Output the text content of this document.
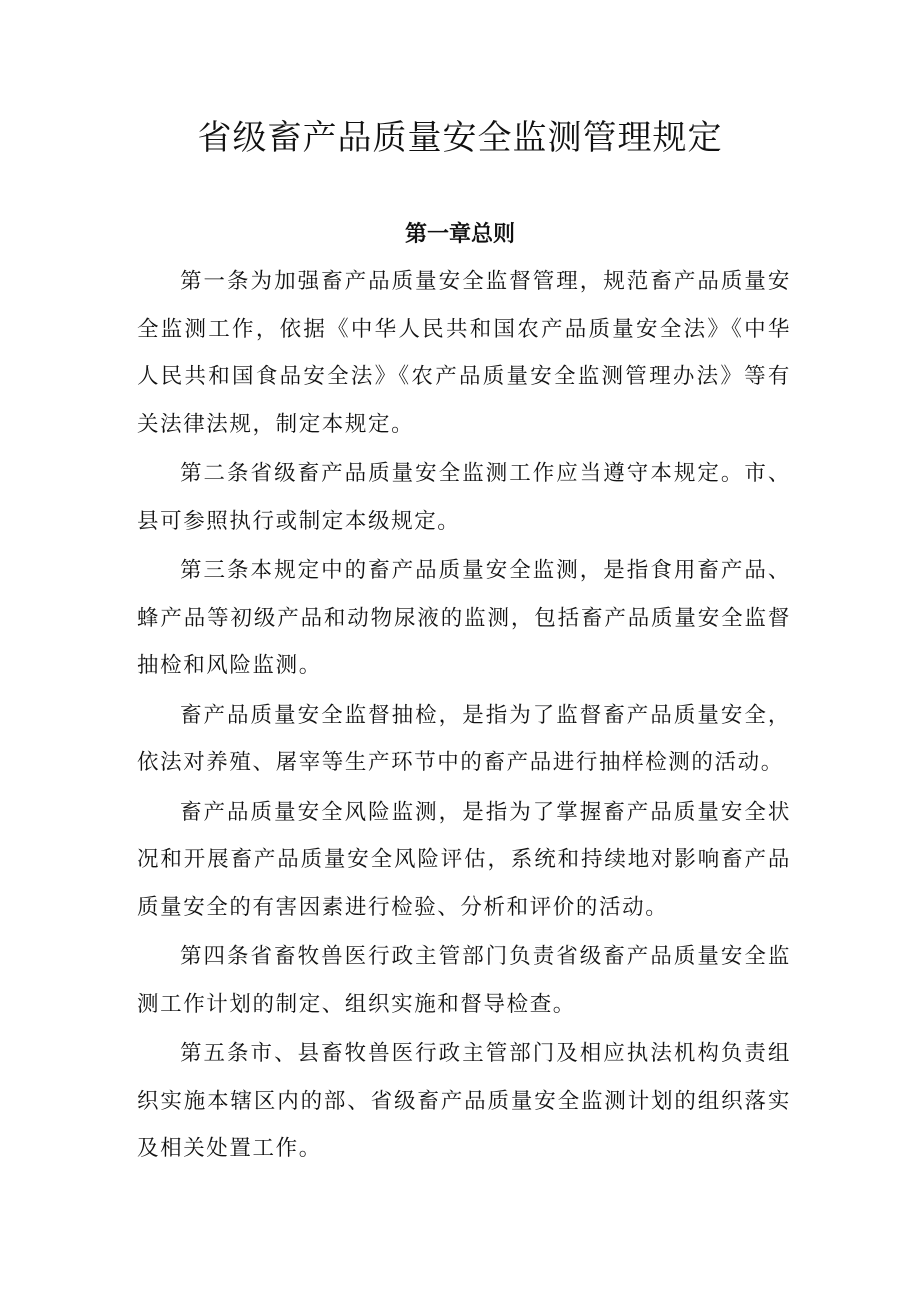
省级畜产品质量安全监测管理规定
第一章总则

第一条为加强畜产品质量安全监督管理，规范畜产品质量安全监测工作，依据《中华人民共和国农产品质量安全法》《中华人民共和国食品安全法》《农产品质量安全监测管理办法》等有关法律法规，制定本规定。

第二条省级畜产品质量安全监测工作应当遵守本规定。市、县可参照执行或制定本级规定。

第三条本规定中的畜产品质量安全监测，是指食用畜产品、蜂产品等初级产品和动物尿液的监测，包括畜产品质量安全监督抽检和风险监测。

畜产品质量安全监督抽检，是指为了监督畜产品质量安全，依法对养殖、屠宰等生产环节中的畜产品进行抽样检测的活动。

畜产品质量安全风险监测，是指为了掌握畜产品质量安全状况和开展畜产品质量安全风险评估，系统和持续地对影响畜产品质量安全的有害因素进行检验、分析和评价的活动。

第四条省畜牧兽医行政主管部门负责省级畜产品质量安全监测工作计划的制定、组织实施和督导检查。

第五条市、县畜牧兽医行政主管部门及相应执法机构负责组织实施本辖区内的部、省级畜产品质量安全监测计划的组织落实及相关处置工作。
